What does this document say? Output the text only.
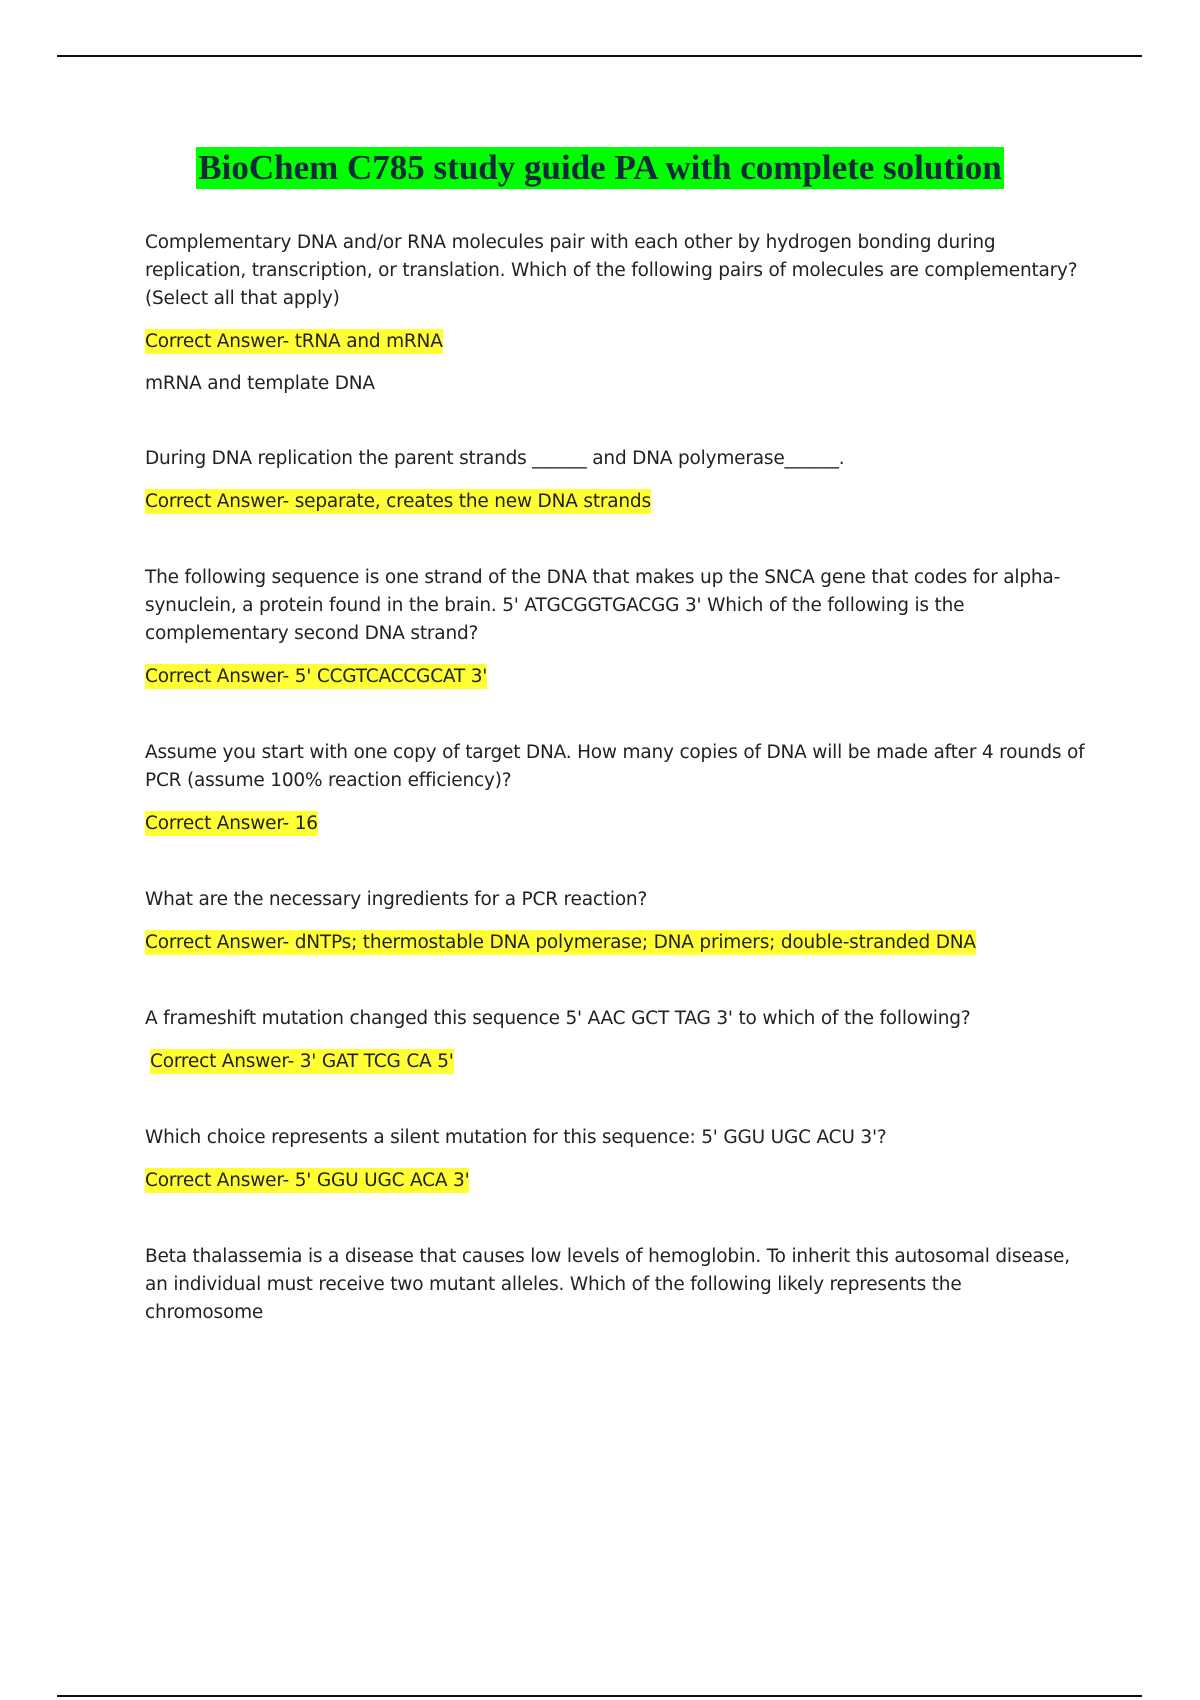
BioChem C785 study guide PA with complete solution

Complementary DNA and/or RNA molecules pair with each other by hydrogen bonding during replication, transcription, or translation. Which of the following pairs of molecules are complementary? (Select all that apply)

Correct Answer- tRNA and mRNA

mRNA and template DNA

During DNA replication the parent strands ______ and DNA polymerase______.

Correct Answer- separate, creates the new DNA strands

The following sequence is one strand of the DNA that makes up the SNCA gene that codes for alpha-synuclein, a protein found in the brain. 5' ATGCGGTGACGG 3' Which of the following is the complementary second DNA strand?

Correct Answer- 5' CCGTCACCGCAT 3'

Assume you start with one copy of target DNA. How many copies of DNA will be made after 4 rounds of PCR (assume 100% reaction efficiency)?

Correct Answer- 16

What are the necessary ingredients for a PCR reaction?

Correct Answer- dNTPs; thermostable DNA polymerase; DNA primers; double-stranded DNA

A frameshift mutation changed this sequence 5' AAC GCT TAG 3' to which of the following?

Correct Answer- 3' GAT TCG CA 5'

Which choice represents a silent mutation for this sequence: 5' GGU UGC ACU 3'?

Correct Answer- 5' GGU UGC ACA 3'

Beta thalassemia is a disease that causes low levels of hemoglobin. To inherit this autosomal disease, an individual must receive two mutant alleles. Which of the following likely represents the chromosome
